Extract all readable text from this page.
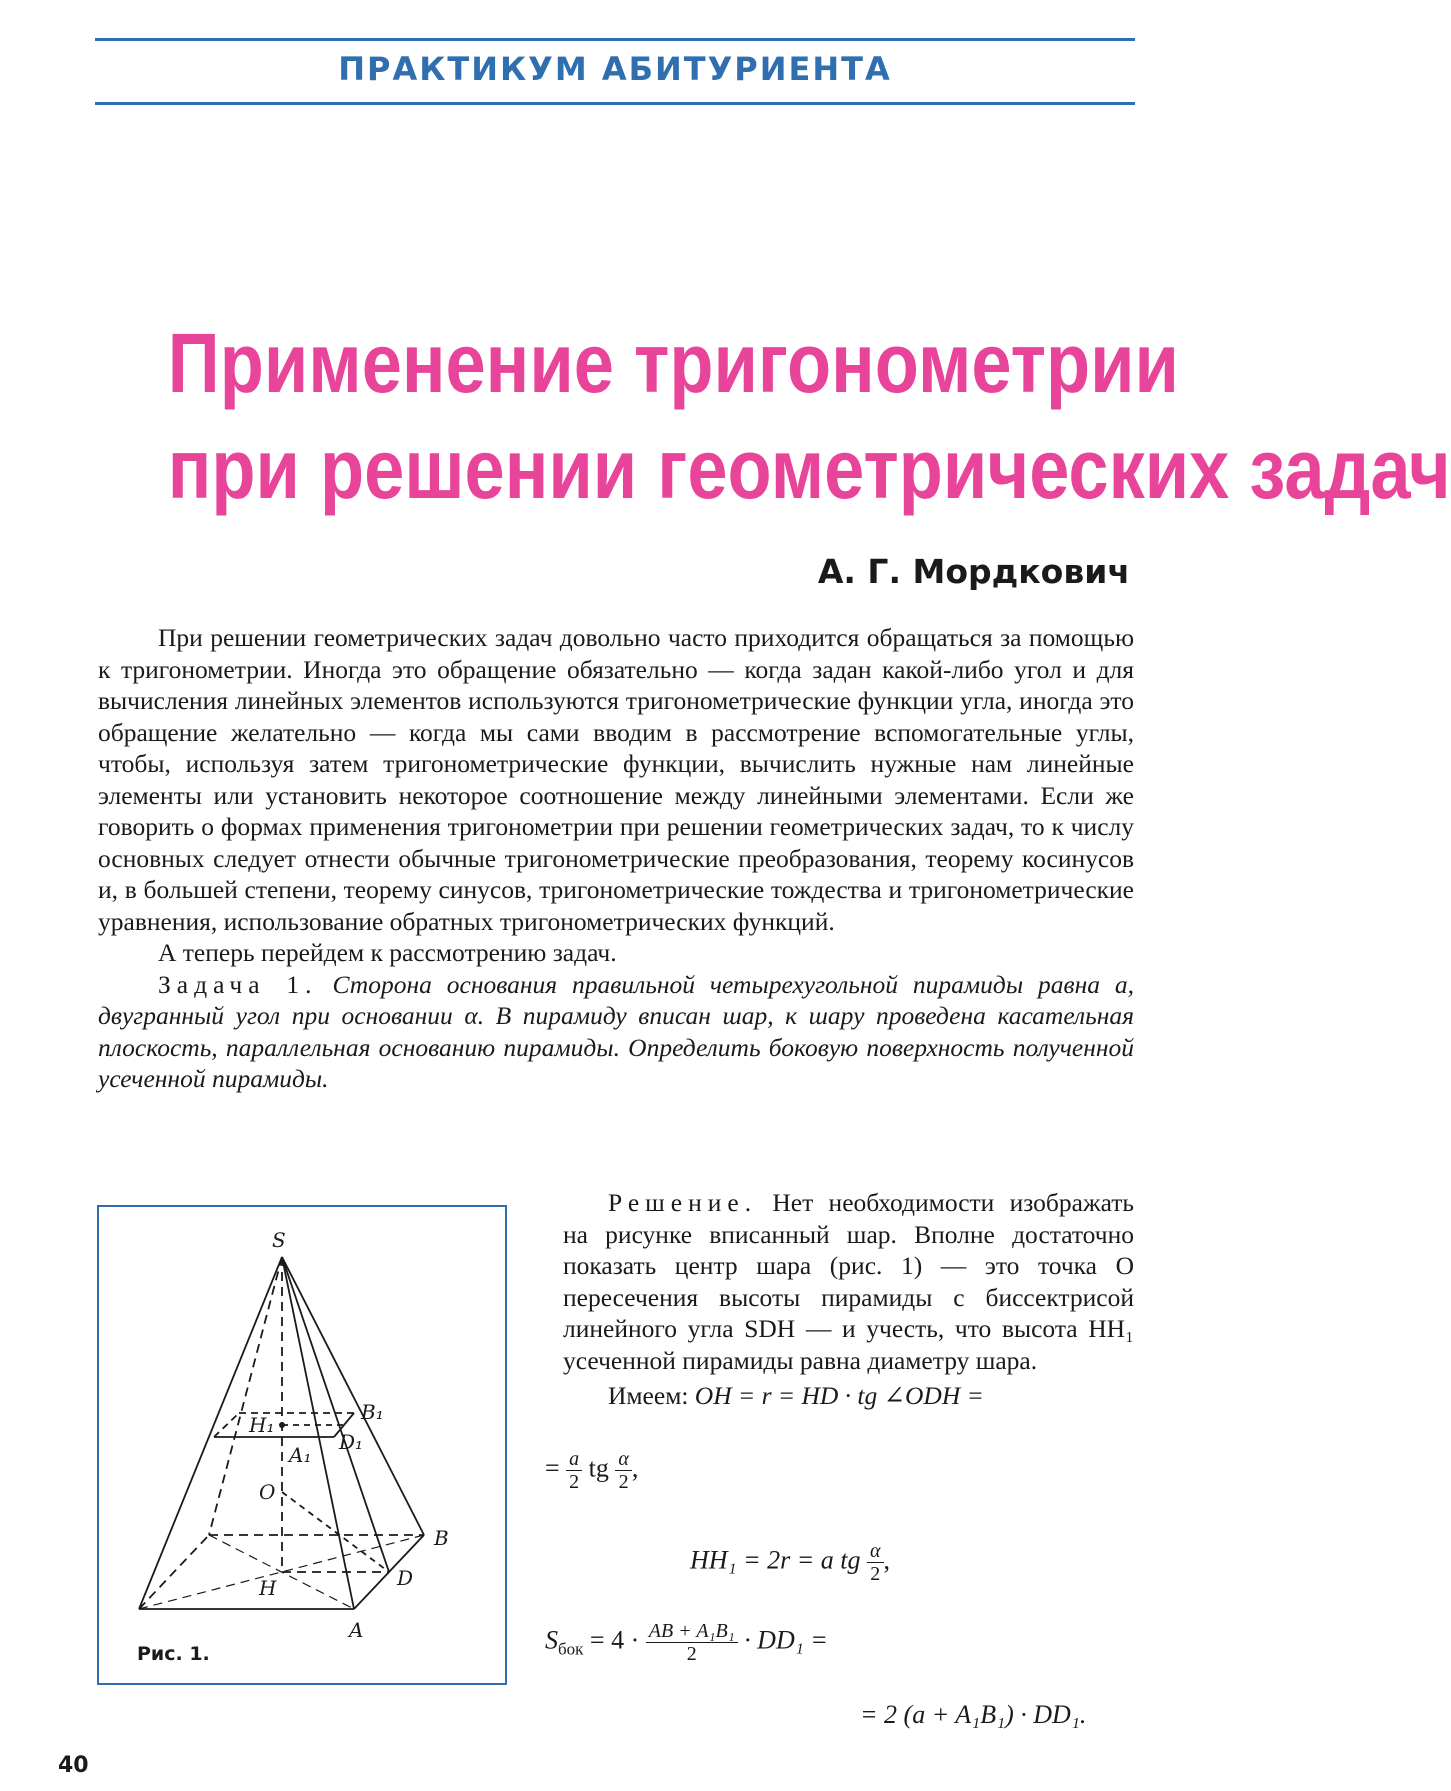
ПРАКТИКУМ АБИТУРИЕНТА
Применение тригонометрии
при решении геометрических задач
А. Г. Мордкович

При решении геометрических задач довольно часто приходится обращаться за помощью к тригонометрии. Иногда это обращение обязательно — когда задан какой-либо угол и для вычисления линейных элементов используются тригонометрические функции угла, иногда это обращение желательно — когда мы сами вводим в рассмотрение вспомогательные углы, чтобы, используя затем тригонометрические функции, вычислить нужные нам линейные элементы или установить некоторое соотношение между линейными элементами. Если же говорить о формах применения тригонометрии при решении геометрических задач, то к числу основных следует отнести обычные тригонометрические преобразования, теорему косинусов и, в большей степени, теорему синусов, тригонометрические тождества и тригонометрические уравнения, использование обратных тригонометрических функций.

А теперь перейдем к рассмотрению задач.

Задача 1. Сторона основания правильной четырехугольной пирамиды равна a, двугранный угол при основании α. В пирамиду вписан шар, к шару проведена касательная плоскость, параллельная основанию пирамиды. Определить боковую поверхность полученной усеченной пирамиды.

S
H₁
B₁
D₁
A₁
O
B
D
H
A
Рис. 1.

Решение. Нет необходимости изображать на рисунке вписанный шар. Вполне достаточно показать центр шара (рис. 1) — это точка O пересечения высоты пирамиды с биссектрисой линейного угла SDH — и учесть, что высота HH₁ усеченной пирамиды равна диаметру шара.

Имеем: OH = r = HD · tg ∠ODH =

= $\frac{a}{2}$ tg $\frac{\alpha}{2}$ ,
HH₁ = 2r = a tg $\frac{\alpha}{2}$ ,
$S_{бок} = 4 \cdot \frac{\text{AB + A₁B₁}}{2} \cdot DD_1$ =
= 2 (a + A₁B₁) · DD₁.
40
